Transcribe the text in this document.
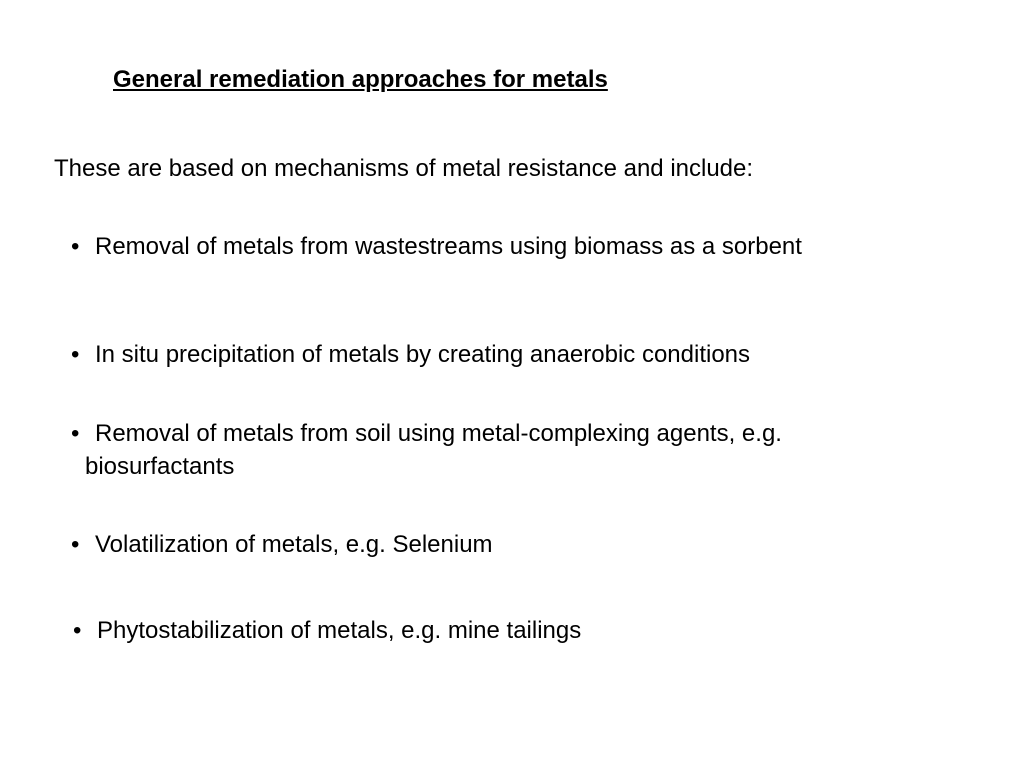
General remediation approaches for metals
These are based on mechanisms of metal resistance and include:
• Removal of metals from wastestreams using biomass as a sorbent
• In situ precipitation of metals by creating anaerobic conditions
• Removal of metals from soil using metal-complexing agents, e.g. biosurfactants
• Volatilization of metals, e.g. Selenium
• Phytostabilization of metals, e.g. mine tailings
